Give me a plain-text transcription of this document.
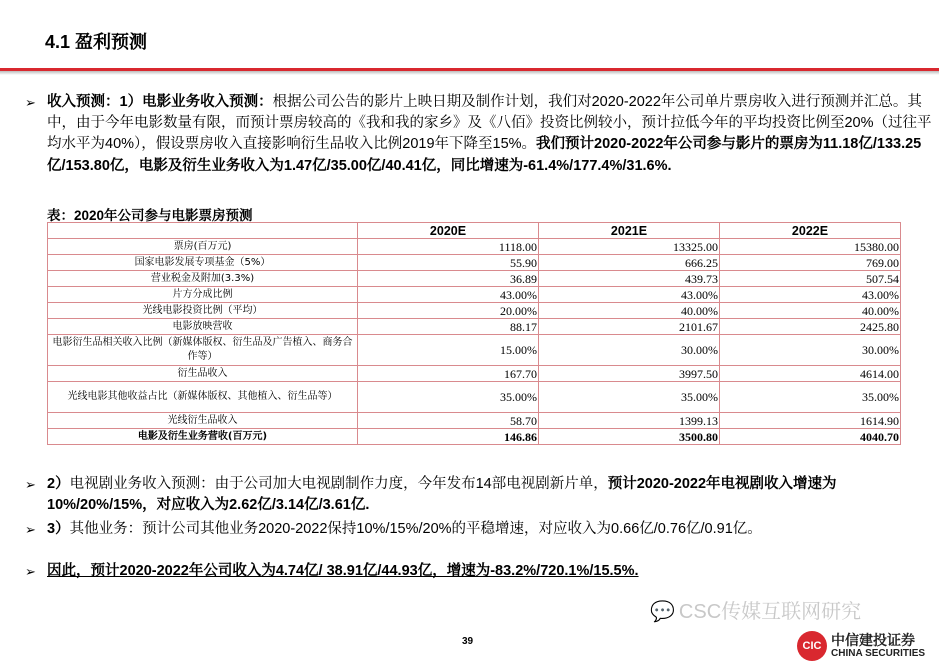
4.1 盈利预测
➢ 收入预测：1）电影业务收入预测：根据公司公告的影片上映日期及制作计划，我们对2020-2022年公司单片票房收入进行预测并汇总。其中，由于今年电影数量有限，而预计票房较高的《我和我的家乡》及《八佰》投资比例较小，预计拉低今年的平均投资比例至20%（过往平均水平为40%），假设票房收入直接影响衍生品收入比例2019年下降至15%。我们预计2020-2022年公司参与影片的票房为11.18亿/133.25亿/153.80亿，电影及衍生业务收入为1.47亿/35.00亿/40.41亿，同比增速为-61.4%/177.4%/31.6%.
表：2020年公司参与电影票房预测
	2020E	2021E	2022E
票房(百万元)	1118.00	13325.00	15380.00
国家电影发展专项基金（5%）	55.90	666.25	769.00
营业税金及附加(3.3%)	36.89	439.73	507.54
片方分成比例	43.00%	43.00%	43.00%
光线电影投资比例（平均）	20.00%	40.00%	40.00%
电影放映营收	88.17	2101.67	2425.80
电影衍生品相关收入比例（新媒体版权、衍生品及广告植入、商务合作等）	15.00%	30.00%	30.00%
衍生品收入	167.70	3997.50	4614.00
光线电影其他收益占比（新媒体版权、其他植入、衍生品等）	35.00%	35.00%	35.00%
光线衍生品收入	58.70	1399.13	1614.90
电影及衍生业务营收(百万元)	146.86	3500.80	4040.70
➢ 2）电视剧业务收入预测：由于公司加大电视剧制作力度，今年发布14部电视剧新片单，预计2020-2022年电视剧收入增速为10%/20%/15%，对应收入为2.62亿/3.14亿/3.61亿.
➢ 3）其他业务：预计公司其他业务2020-2022保持10%/15%/20%的平稳增速，对应收入为0.66亿/0.76亿/0.91亿。
➢ 因此，预计2020-2022年公司收入为4.74亿/ 38.91亿/44.93亿，增速为-83.2%/720.1%/15.5%.
39
💬 CSC传媒互联网研究
CIC 中信建投证券
CHINA SECURITIES
